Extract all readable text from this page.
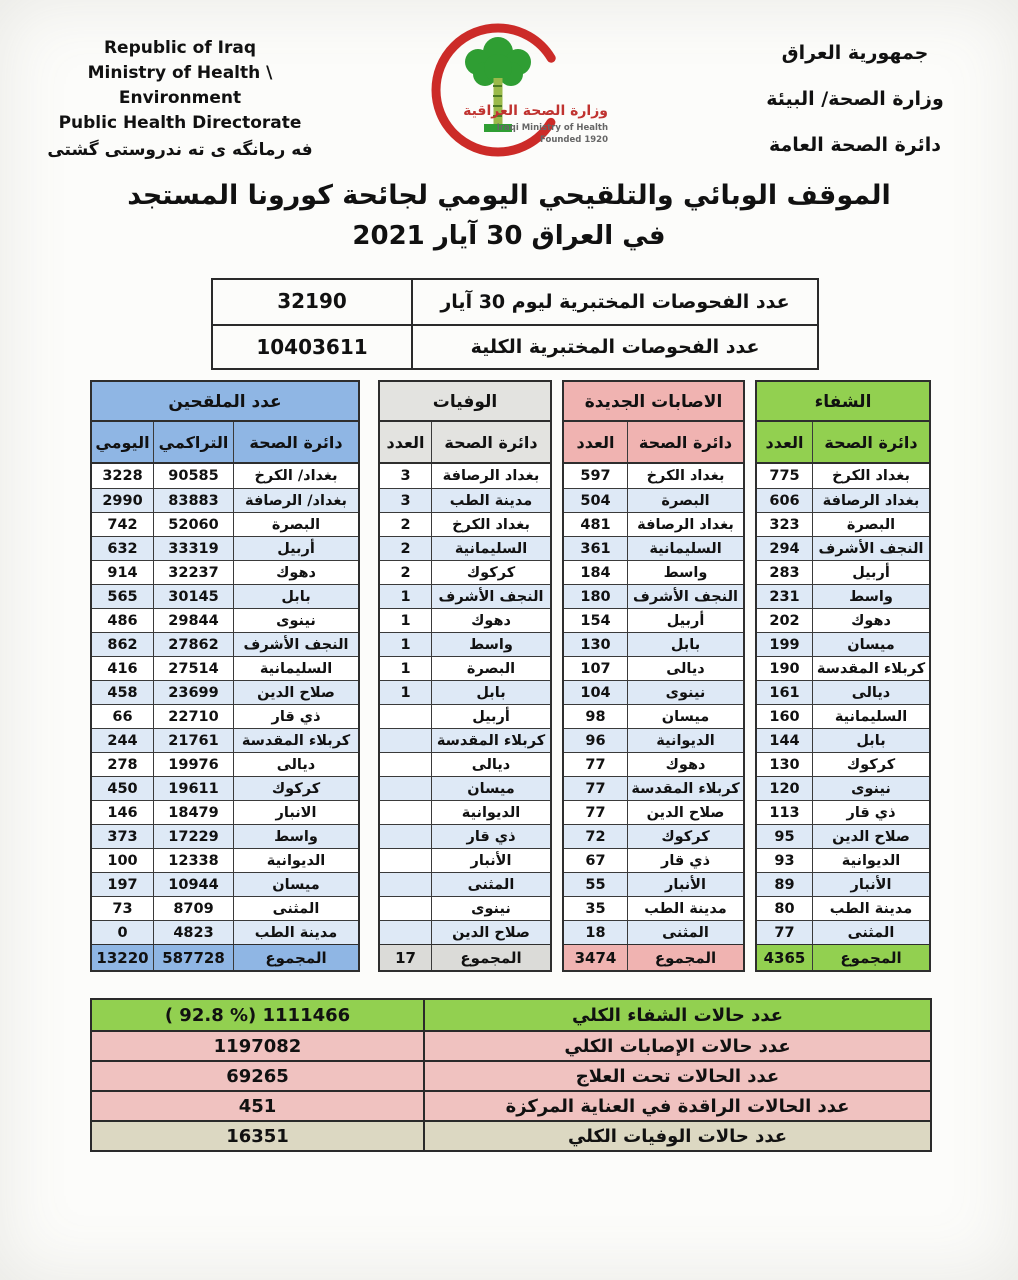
Republic of Iraq
Ministry of Health \ Environment
Public Health Directorate
فه رمانگه ی ته ندروستی گشتی
وزارة الصحة العراقية
Iraqi Ministry of Health
Founded 1920
جمهورية العراق
وزارة الصحة/ البيئة
دائرة الصحة العامة
الموقف الوبائي والتلقيحي اليومي لجائحة كورونا المستجد
في العراق 30 آيار 2021
عدد الفحوصات المختبرية ليوم 30 آيار
32190
عدد الفحوصات المختبرية الكلية
10403611
عدد الملقحين
دائرة الصحة
التراكمي
اليومي
بغداد/ الكرخ
90585
3228
بغداد/ الرصافة
83883
2990
البصرة
52060
742
أربيل
33319
632
دهوك
32237
914
بابل
30145
565
نينوى
29844
486
النجف الأشرف
27862
862
السليمانية
27514
416
صلاح الدين
23699
458
ذي قار
22710
66
كربلاء المقدسة
21761
244
ديالى
19976
278
كركوك
19611
450
الانبار
18479
146
واسط
17229
373
الديوانية
12338
100
ميسان
10944
197
المثنى
8709
73
مدينة الطب
4823
0
المجموع
587728
13220
الوفيات
دائرة الصحة
العدد
بغداد الرصافة
3
مدينة الطب
3
بغداد الكرخ
2
السليمانية
2
كركوك
2
النجف الأشرف
1
دهوك
1
واسط
1
البصرة
1
بابل
1
أربيل
كربلاء المقدسة
ديالى
ميسان
الديوانية
ذي قار
الأنبار
المثنى
نينوى
صلاح الدين
المجموع
17
الاصابات الجديدة
دائرة الصحة
العدد
بغداد الكرخ
597
البصرة
504
بغداد الرصافة
481
السليمانية
361
واسط
184
النجف الأشرف
180
أربيل
154
بابل
130
ديالى
107
نينوى
104
ميسان
98
الديوانية
96
دهوك
77
كربلاء المقدسة
77
صلاح الدين
77
كركوك
72
ذي قار
67
الأنبار
55
مدينة الطب
35
المثنى
18
المجموع
3474
الشفاء
دائرة الصحة
العدد
بغداد الكرخ
775
بغداد الرصافة
606
البصرة
323
النجف الأشرف
294
أربيل
283
واسط
231
دهوك
202
ميسان
199
كربلاء المقدسة
190
ديالى
161
السليمانية
160
بابل
144
كركوك
130
نينوى
120
ذي قار
113
صلاح الدين
95
الديوانية
93
الأنبار
89
مدينة الطب
80
المثنى
77
المجموع
4365
عدد حالات الشفاء الكلي
( 92.8 %) 1111466
عدد حالات الإصابات الكلي
1197082
عدد الحالات تحت العلاج
69265
عدد الحالات الراقدة في العناية المركزة
451
عدد حالات الوفيات الكلي
16351
